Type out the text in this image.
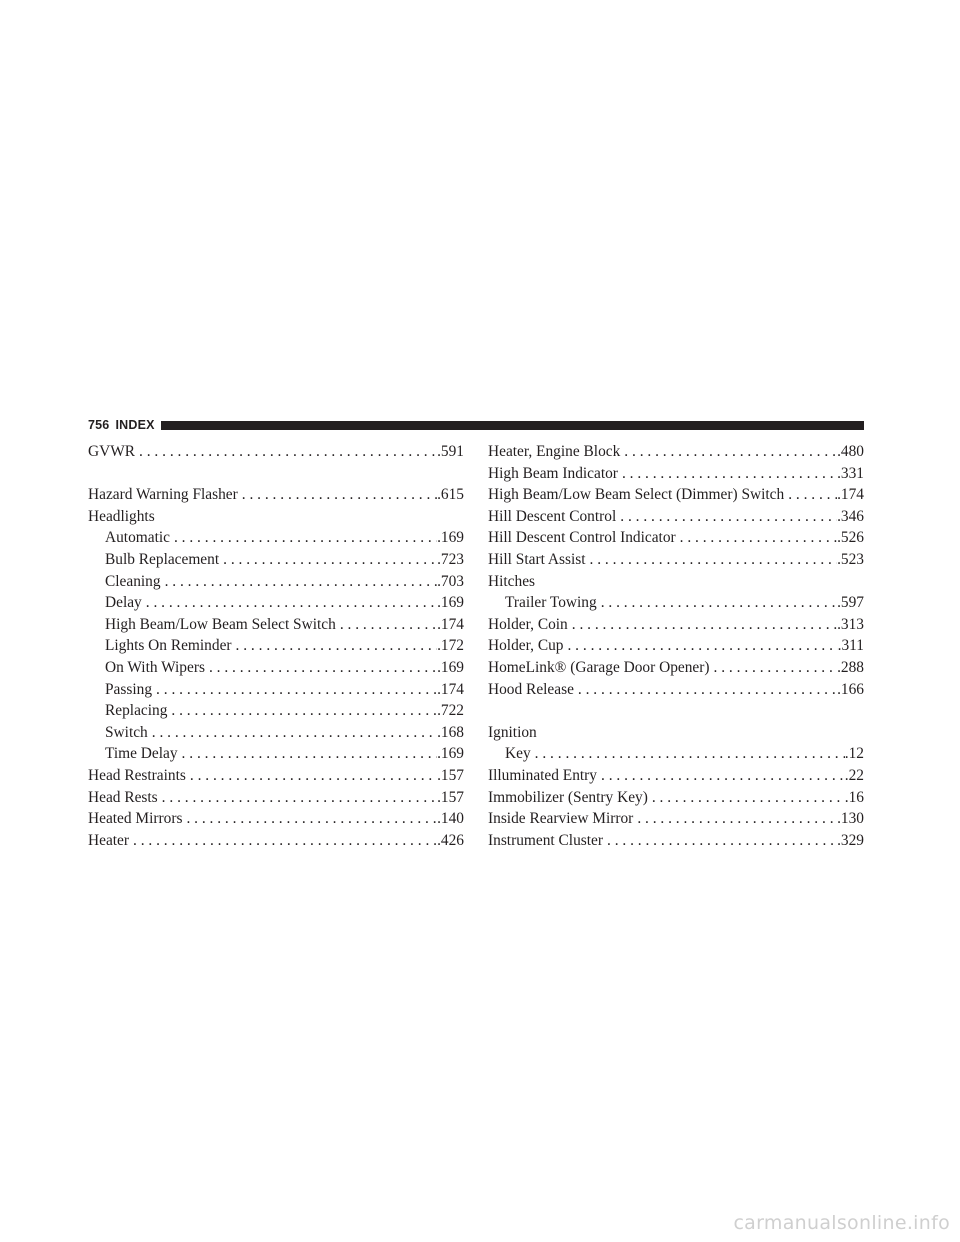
756 INDEX
GVWR . . .	.591
Hazard Warning Flasher . . .	.615
Headlights
Automatic . . .	.169
Bulb Replacement . . .	.723
Cleaning . . .	.703
Delay . . .	.169
High Beam/Low Beam Select Switch . . .	.174
Lights On Reminder . . .	.172
On With Wipers . . .	.169
Passing . . .	.174
Replacing . . .	.722
Switch . . .	.168
Time Delay . . .	.169
Head Restraints . . .	.157
Head Rests . . .	.157
Heated Mirrors . . .	.140
Heater . . .	.426
Heater, Engine Block . . .	.480
High Beam Indicator . . .	.331
High Beam/Low Beam Select (Dimmer) Switch . . .	.174
Hill Descent Control . . .	.346
Hill Descent Control Indicator . . .	.526
Hill Start Assist . . .	.523
Hitches
Trailer Towing . . .	.597
Holder, Coin . . .	.313
Holder, Cup . . .	.311
HomeLink® (Garage Door Opener) . . .	.288
Hood Release . . .	.166
Ignition
Key . . .	.12
Illuminated Entry . . .	.22
Immobilizer (Sentry Key) . . .	.16
Inside Rearview Mirror . . .	.130
Instrument Cluster . . .	.329
carmanualsonline.info
